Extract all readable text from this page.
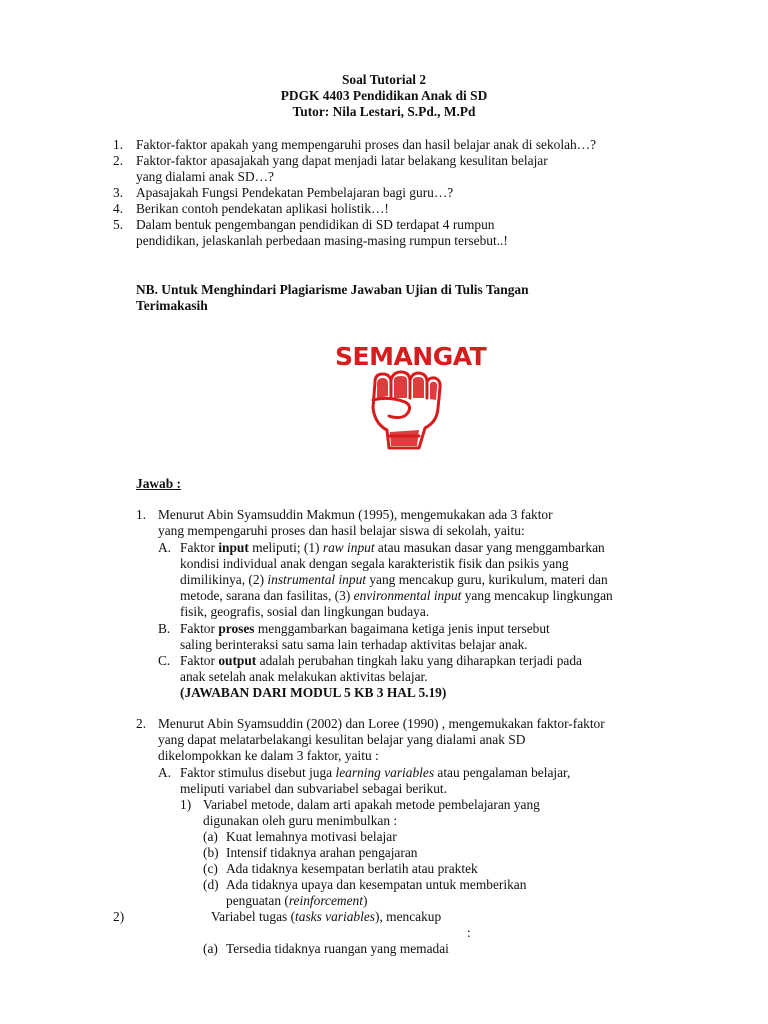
Soal Tutorial 2
PDGK 4403 Pendidikan Anak di SD
Tutor: Nila Lestari, S.Pd., M.Pd
1. Faktor-faktor apakah yang mempengaruhi proses dan hasil belajar anak di sekolah…?
2. Faktor-faktor apasajakah yang dapat menjadi latar belakang kesulitan belajar
yang dialami anak SD…?
3. Apasajakah Fungsi Pendekatan Pembelajaran bagi guru…?
4. Berikan contoh pendekatan aplikasi holistik…!
5. Dalam bentuk pengembangan pendidikan di SD terdapat 4 rumpun
pendidikan, jelaskanlah perbedaan masing-masing rumpun tersebut..!
NB. Untuk Menghindari Plagiarisme Jawaban Ujian di Tulis Tangan
Terimakasih
SEMANGAT
Jawab :
1. Menurut Abin Syamsuddin Makmun (1995), mengemukakan ada 3 faktor
yang mempengaruhi proses dan hasil belajar siswa di sekolah, yaitu:
A. Faktor input meliputi; (1) raw input atau masukan dasar yang menggambarkan
kondisi individual anak dengan segala karakteristik fisik dan psikis yang
dimilikinya, (2) instrumental input yang mencakup guru, kurikulum, materi dan
metode, sarana dan fasilitas, (3) environmental input yang mencakup lingkungan
fisik, geografis, sosial dan lingkungan budaya.
B. Faktor proses menggambarkan bagaimana ketiga jenis input tersebut
saling berinteraksi satu sama lain terhadap aktivitas belajar anak.
C. Faktor output adalah perubahan tingkah laku yang diharapkan terjadi pada
anak setelah anak melakukan aktivitas belajar.
(JAWABAN DARI MODUL 5 KB 3 HAL 5.19)
2. Menurut Abin Syamsuddin (2002) dan Loree (1990) , mengemukakan faktor-faktor
yang dapat melatarbelakangi kesulitan belajar yang dialami anak SD
dikelompokkan ke dalam 3 faktor, yaitu :
A. Faktor stimulus disebut juga learning variables atau pengalaman belajar,
meliputi variabel dan subvariabel sebagai berikut.
1) Variabel metode, dalam arti apakah metode pembelajaran yang
digunakan oleh guru menimbulkan :
(a) Kuat lemahnya motivasi belajar
(b) Intensif tidaknya arahan pengajaran
(c) Ada tidaknya kesempatan berlatih atau praktek
(d) Ada tidaknya upaya dan kesempatan untuk memberikan
penguatan (reinforcement)
2)	Variabel tugas (tasks variables), mencakup
:
(a) Tersedia tidaknya ruangan yang memadai
